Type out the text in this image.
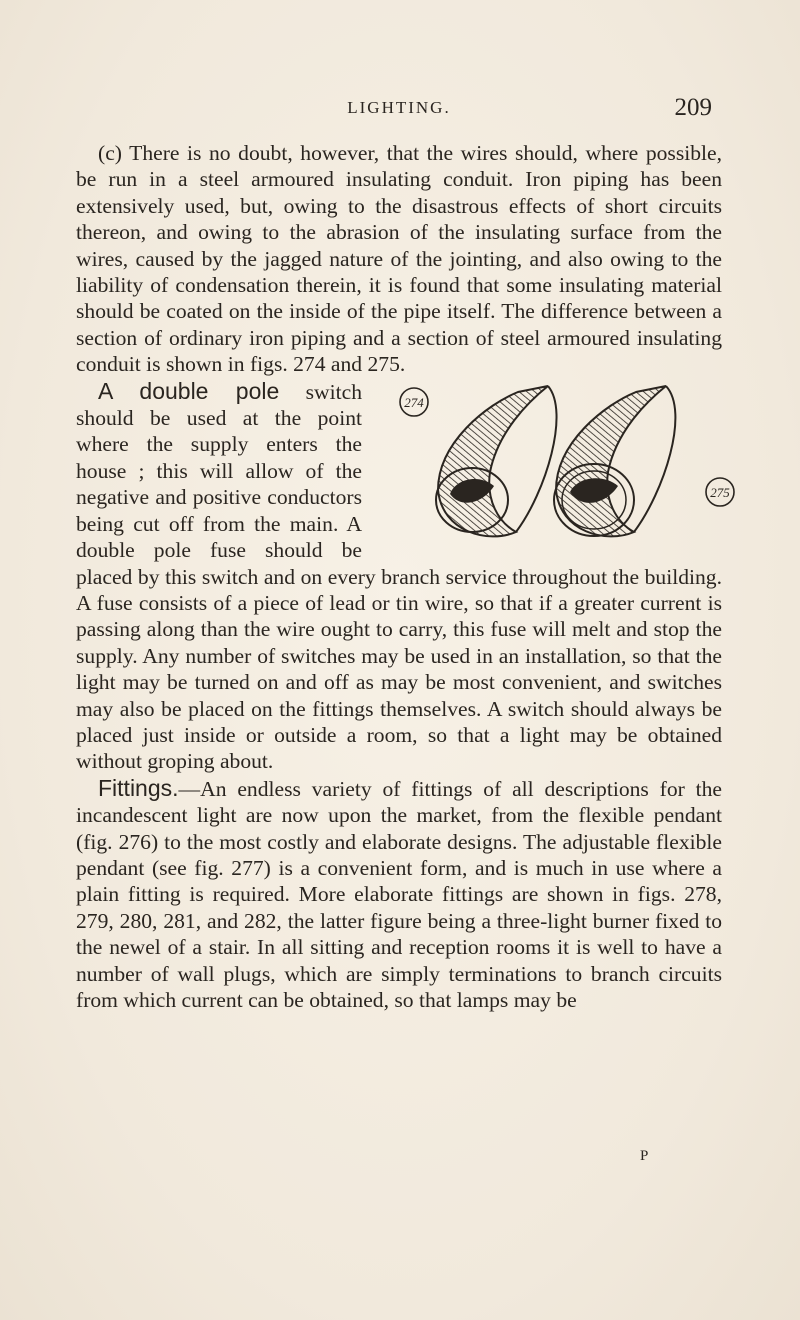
LIGHTING.	209

(c) There is no doubt, however, that the wires should, where possible, be run in a steel armoured insulating conduit. Iron piping has been extensively used, but, owing to the disastrous effects of short circuits thereon, and owing to the abrasion of the insulating surface from the wires, caused by the jagged nature of the jointing, and also owing to the liability of condensation therein, it is found that some insulating material should be coated on the inside of the pipe itself. The difference between a section of ordinary iron piping and a section of steel armoured insulating conduit is shown in figs. 274 and 275.

274
275
A double pole switch should be used at the point where the supply enters the house ; this will allow of the negative and positive conductors being cut off from the main. A double pole fuse should be placed by this switch and on every branch service throughout the building. A fuse consists of a piece of lead or tin wire, so that if a greater current is passing along than the wire ought to carry, this fuse will melt and stop the supply. Any number of switches may be used in an installation, so that the light may be turned on and off as may be most convenient, and switches may also be placed on the fittings themselves. A switch should always be placed just inside or outside a room, so that a light may be obtained without groping about.

Fittings.—An endless variety of fittings of all descriptions for the incandescent light are now upon the market, from the flexible pendant (fig. 276) to the most costly and elaborate designs. The adjustable flexible pendant (see fig. 277) is a convenient form, and is much in use where a plain fitting is required. More elaborate fittings are shown in figs. 278, 279, 280, 281, and 282, the latter figure being a three-light burner fixed to the newel of a stair. In all sitting and reception rooms it is well to have a number of wall plugs, which are simply terminations to branch circuits from which current can be obtained, so that lamps may be

P
